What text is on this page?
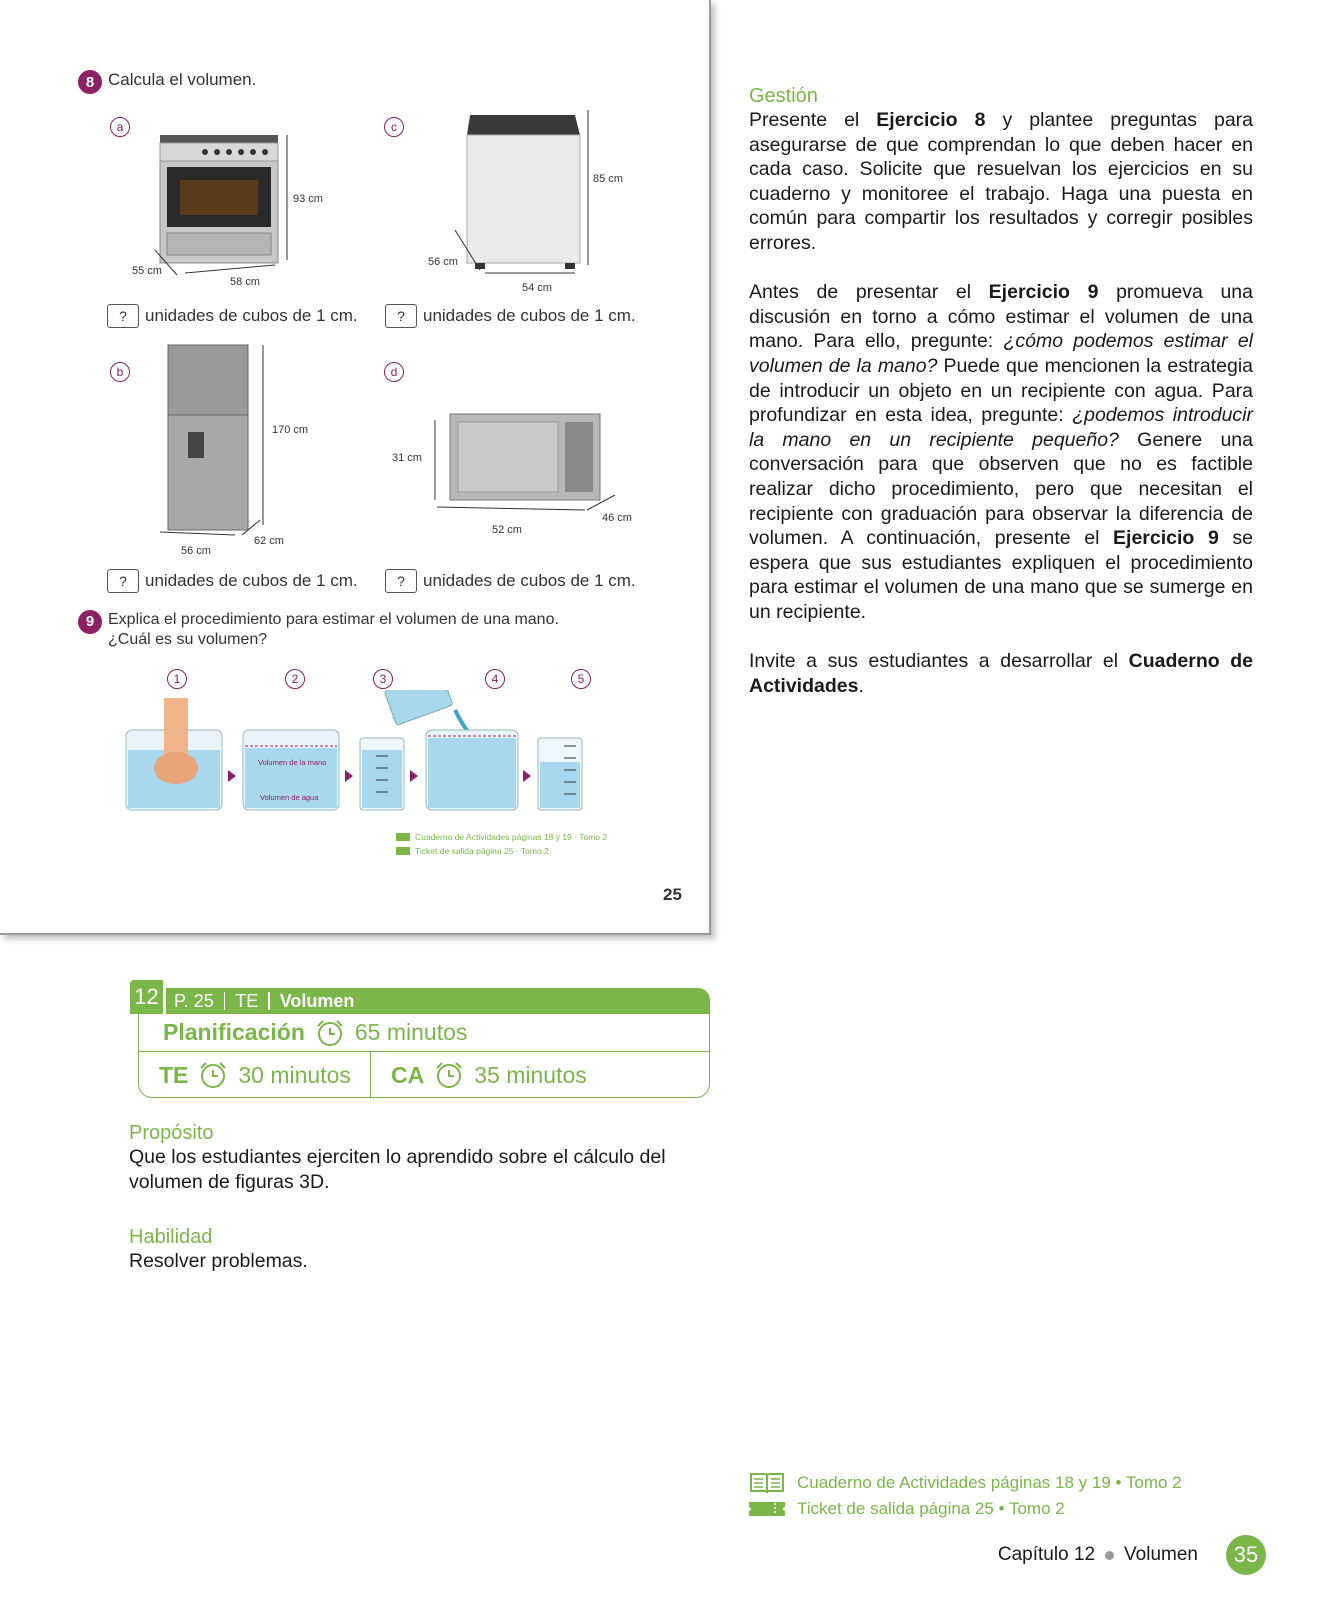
8 Calcula el volumen.
a
93 cm
55 cm
58 cm
?	unidades de cubos de 1 cm.
c
85 cm
56 cm
54 cm
?	unidades de cubos de 1 cm.
b
170 cm
62 cm
56 cm
?	unidades de cubos de 1 cm.
d
31 cm
46 cm
52 cm
?	unidades de cubos de 1 cm.
9 Explica el procedimiento para estimar el volumen de una mano.
¿Cuál es su volumen?
1	2	3	4	5
Volumen de la mano
Volumen de agua
Cuaderno de Actividades páginas 18 y 19 · Tomo 2
Ticket de salida página 25 · Tomo 2
25
Gestión

Presente el Ejercicio 8 y plantee preguntas para asegurarse de que comprendan lo que deben hacer en cada caso. Solicite que resuelvan los ejercicios en su cuaderno y monitoree el trabajo. Haga una puesta en común para compartir los resultados y corregir posibles errores.

Antes de presentar el Ejercicio 9 promueva una discusión en torno a cómo estimar el volumen de una mano. Para ello, pregunte: ¿cómo podemos estimar el volumen de la mano? Puede que mencionen la estrategia de introducir un objeto en un recipiente con agua. Para profundizar en esta idea, pregunte: ¿podemos introducir la mano en un recipiente pequeño? Genere una conversación para que observen que no es factible realizar dicho procedimiento, pero que necesitan el recipiente con graduación para observar la diferencia de volumen. A continuación, presente el Ejercicio 9 se espera que sus estudiantes expliquen el procedimiento para estimar el volumen de una mano que se sumerge en un recipiente.

Invite a sus estudiantes a desarrollar el Cuaderno de Actividades.

12 P. 25 TE Volumen
Planificación 65 minutos
TE 30 minutos CA 35 minutos
Propósito
Que los estudiantes ejerciten lo aprendido sobre el cálculo del volumen de figuras 3D.
Habilidad
Resolver problemas.
Cuaderno de Actividades páginas 18 y 19 • Tomo 2
Ticket de salida página 25 • Tomo 2
Capítulo 12 Volumen	35
